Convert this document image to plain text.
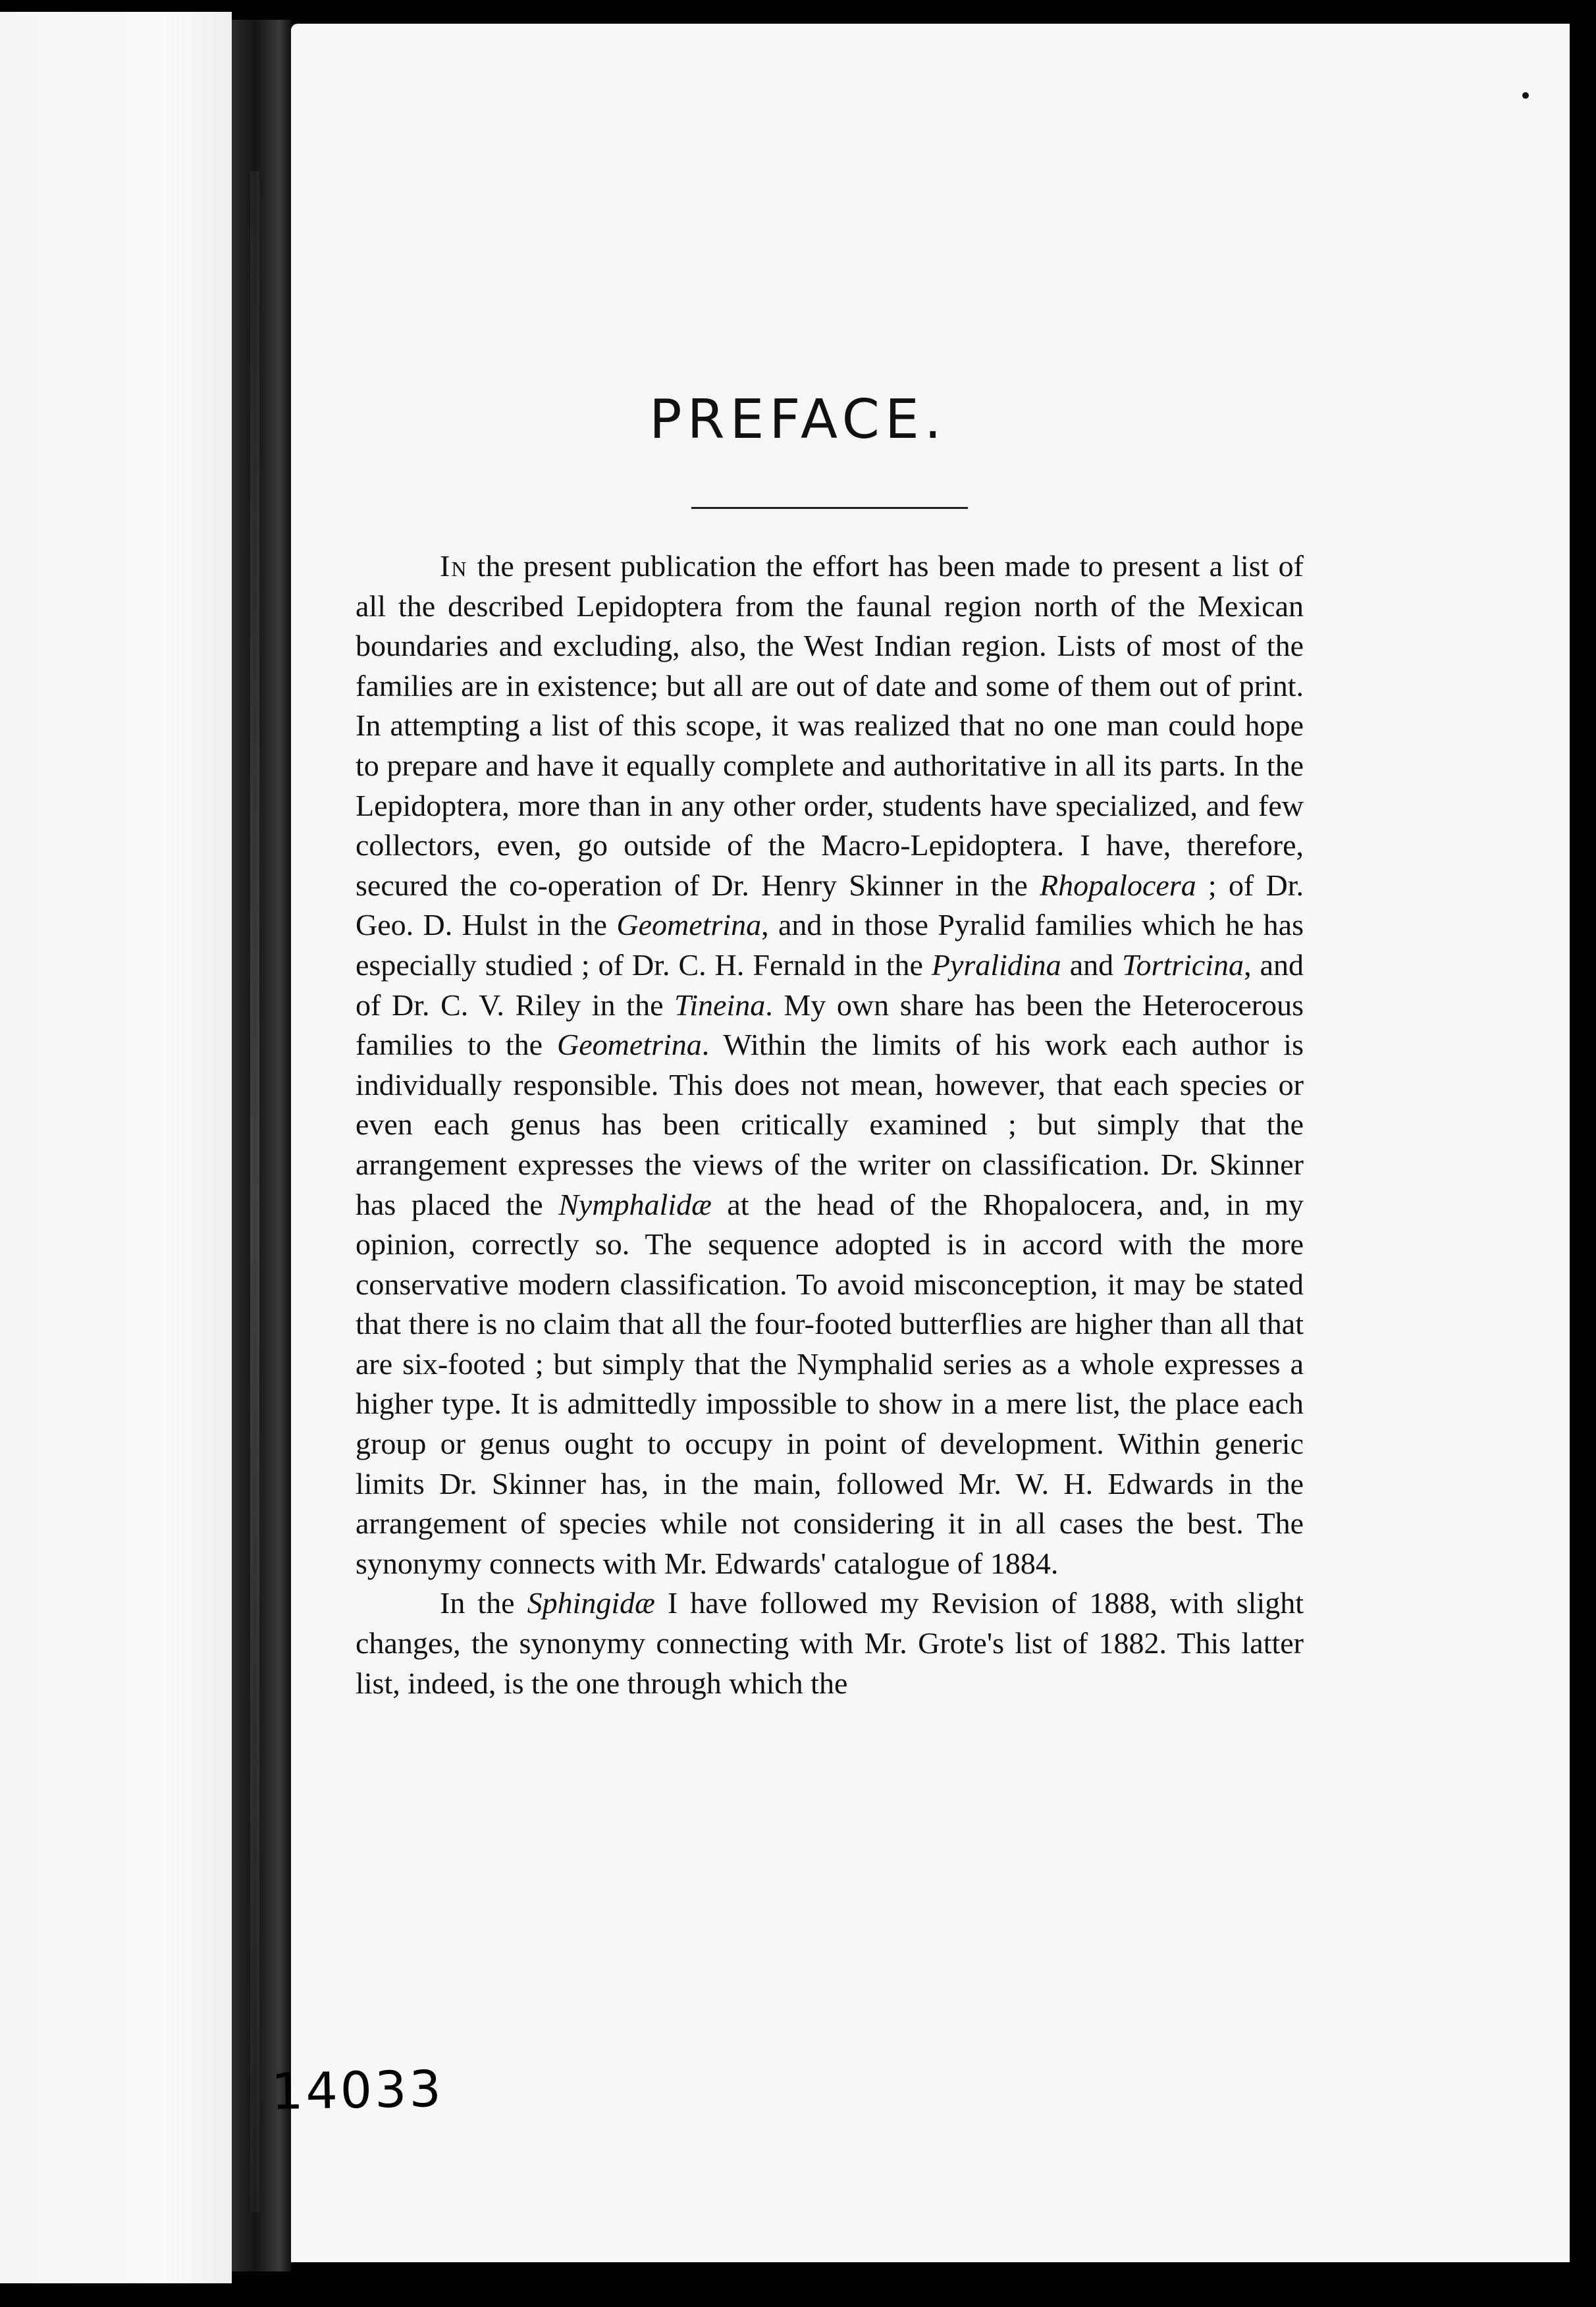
PREFACE.

In the present publication the effort has been made to present a list of all the described Lepidoptera from the faunal region north of the Mexican boundaries and excluding, also, the West Indian region. Lists of most of the families are in existence; but all are out of date and some of them out of print. In attempting a list of this scope, it was realized that no one man could hope to prepare and have it equally complete and authoritative in all its parts. In the Lepidoptera, more than in any other order, students have specialized, and few collectors, even, go outside of the Macro-Lepidoptera. I have, therefore, secured the co-operation of Dr. Henry Skinner in the Rhopalocera ; of Dr. Geo. D. Hulst in the Geometrina, and in those Pyralid families which he has especially studied ; of Dr. C. H. Fernald in the Pyralidina and Tortricina, and of Dr. C. V. Riley in the Tineina. My own share has been the Heterocerous families to the Geometrina. Within the limits of his work each author is individually responsible. This does not mean, however, that each species or even each genus has been critically examined ; but simply that the arrangement expresses the views of the writer on classification. Dr. Skinner has placed the Nymphalidæ at the head of the Rhopalocera, and, in my opinion, correctly so. The sequence adopted is in accord with the more conservative modern classification. To avoid misconception, it may be stated that there is no claim that all the four-footed butterflies are higher than all that are six-footed ; but simply that the Nymphalid series as a whole expresses a higher type. It is admittedly impossible to show in a mere list, the place each group or genus ought to occupy in point of development. Within generic limits Dr. Skinner has, in the main, followed Mr. W. H. Edwards in the arrangement of species while not considering it in all cases the best. The synonymy connects with Mr. Edwards' catalogue of 1884.

In the Sphingidæ I have followed my Revision of 1888, with slight changes, the synonymy connecting with Mr. Grote's list of 1882. This latter list, indeed, is the one through which the

14033
